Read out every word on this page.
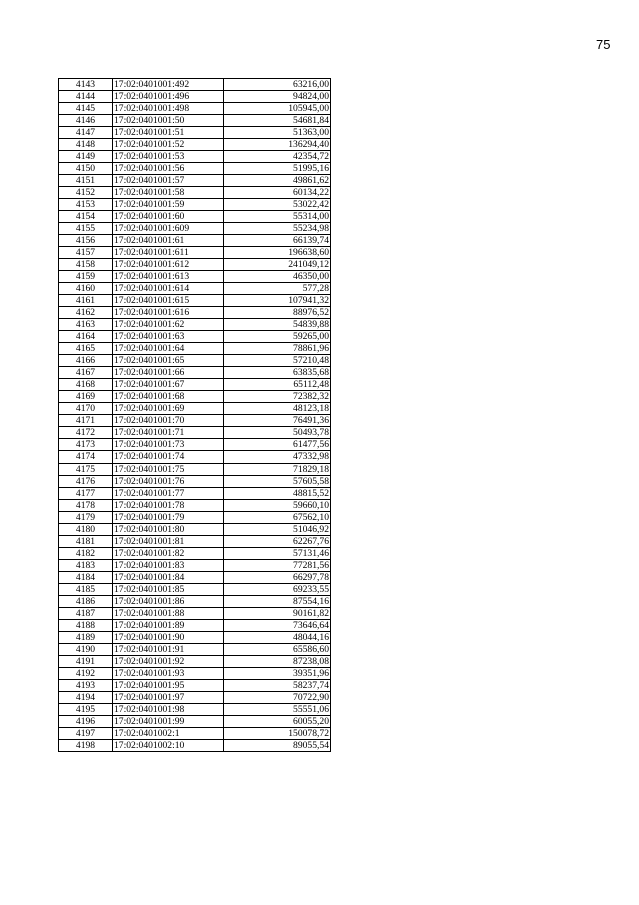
75
4143	17:02:0401001:492	63216,00
4144	17:02:0401001:496	94824,00
4145	17:02:0401001:498	105945,00
4146	17:02:0401001:50	54681,84
4147	17:02:0401001:51	51363,00
4148	17:02:0401001:52	136294,40
4149	17:02:0401001:53	42354,72
4150	17:02:0401001:56	51995,16
4151	17:02:0401001:57	49861,62
4152	17:02:0401001:58	60134,22
4153	17:02:0401001:59	53022,42
4154	17:02:0401001:60	55314,00
4155	17:02:0401001:609	55234,98
4156	17:02:0401001:61	66139,74
4157	17:02:0401001:611	196638,60
4158	17:02:0401001:612	241049,12
4159	17:02:0401001:613	46350,00
4160	17:02:0401001:614	577,28
4161	17:02:0401001:615	107941,32
4162	17:02:0401001:616	88976,52
4163	17:02:0401001:62	54839,88
4164	17:02:0401001:63	59265,00
4165	17:02:0401001:64	78861,96
4166	17:02:0401001:65	57210,48
4167	17:02:0401001:66	63835,68
4168	17:02:0401001:67	65112,48
4169	17:02:0401001:68	72382,32
4170	17:02:0401001:69	48123,18
4171	17:02:0401001:70	76491,36
4172	17:02:0401001:71	50493,78
4173	17:02:0401001:73	61477,56
4174	17:02:0401001:74	47332,98
4175	17:02:0401001:75	71829,18
4176	17:02:0401001:76	57605,58
4177	17:02:0401001:77	48815,52
4178	17:02:0401001:78	59660,10
4179	17:02:0401001:79	67562,10
4180	17:02:0401001:80	51046,92
4181	17:02:0401001:81	62267,76
4182	17:02:0401001:82	57131,46
4183	17:02:0401001:83	77281,56
4184	17:02:0401001:84	66297,78
4185	17:02:0401001:85	69233,55
4186	17:02:0401001:86	87554,16
4187	17:02:0401001:88	90161,82
4188	17:02:0401001:89	73646,64
4189	17:02:0401001:90	48044,16
4190	17:02:0401001:91	65586,60
4191	17:02:0401001:92	87238,08
4192	17:02:0401001:93	39351,96
4193	17:02:0401001:95	58237,74
4194	17:02:0401001:97	70722,90
4195	17:02:0401001:98	55551,06
4196	17:02:0401001:99	60055,20
4197	17:02:0401002:1	150078,72
4198	17:02:0401002:10	89055,54
